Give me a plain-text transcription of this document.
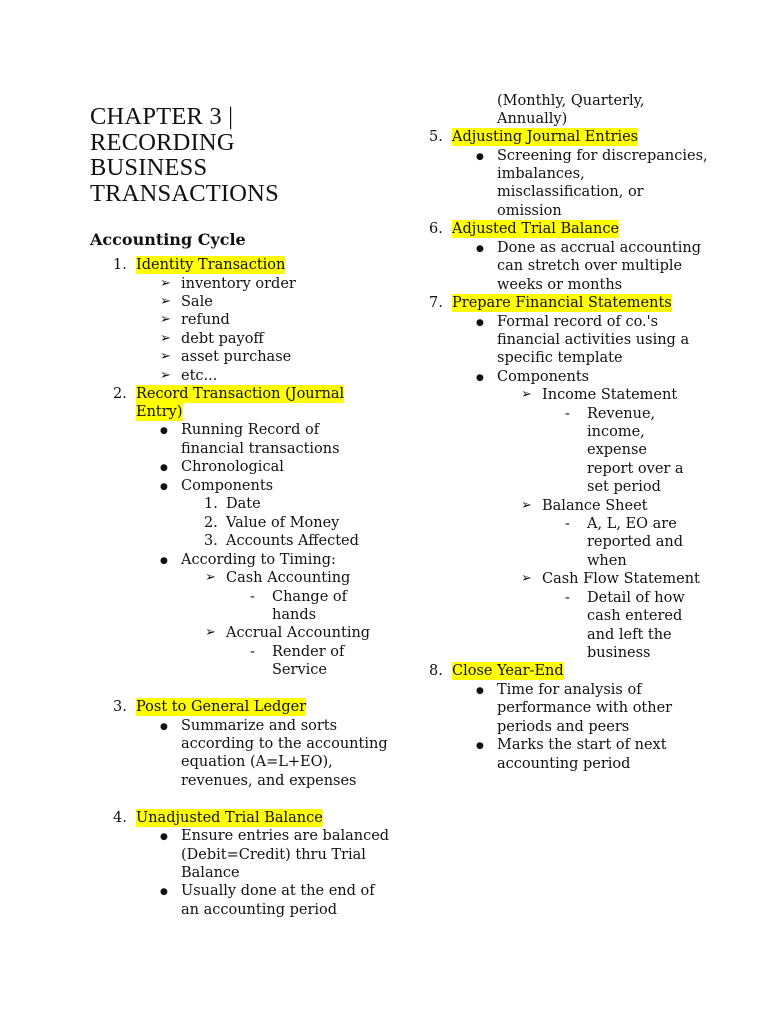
CHAPTER 3 |
RECORDING
BUSINESS
TRANSACTIONS
Accounting Cycle
1. Identity Transaction
➢ inventory order
➢ Sale
➢ refund
➢ debt payoff
➢ asset purchase
➢ etc...
2. Record Transaction (Journal
Entry)
● Running Record of
financial transactions
● Chronological
● Components
1. Date
2. Value of Money
3. Accounts Affected
● According to Timing:
➢ Cash Accounting
- Change of
hands
➢ Accrual Accounting
- Render of
Service
3. Post to General Ledger
● Summarize and sorts
according to the accounting
equation (A=L+EO),
revenues, and expenses
4. Unadjusted Trial Balance
● Ensure entries are balanced
(Debit=Credit) thru Trial
Balance
● Usually done at the end of
an accounting period
(Monthly, Quarterly,
Annually)
5. Adjusting Journal Entries
● Screening for discrepancies,
imbalances,
misclassification, or
omission
6. Adjusted Trial Balance
● Done as accrual accounting
can stretch over multiple
weeks or months
7. Prepare Financial Statements
● Formal record of co.'s
financial activities using a
specific template
● Components
➢ Income Statement
- Revenue,
income,
expense
report over a
set period
➢ Balance Sheet
- A, L, EO are
reported and
when
➢ Cash Flow Statement
- Detail of how
cash entered
and left the
business
8. Close Year-End
● Time for analysis of
performance with other
periods and peers
● Marks the start of next
accounting period
